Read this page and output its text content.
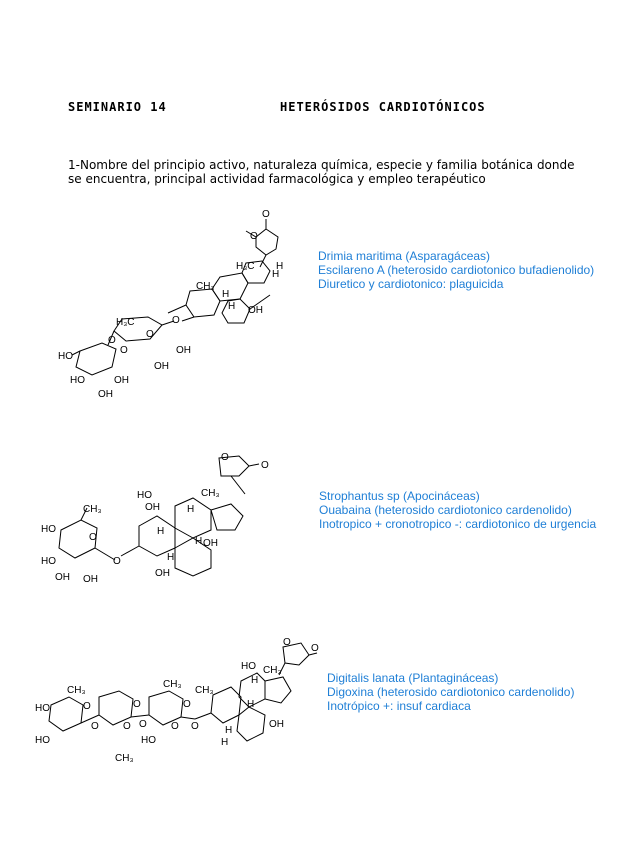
SEMINARIO 14	HETERÓSIDOS CARDIOTÓNICOS
1-Nombre del principio activo, naturaleza química, especie y familia botánica donde
se encuentra, principal actividad farmacológica y empleo terapéutico
Drimia maritima (Asparagáceas)
Escilareno A (heterosido cardiotonico bufadienolido)
Diuretico y cardiotonico: plaguicida
Strophantus sp (Apocináceas)
Ouabaina (heterosido cardiotonico cardenolido)
Inotropico + cronotropico -: cardiotonico de urgencia
Digitalis lanata (Plantagináceas)
Digoxina (heterosido cardiotonico cardenolido)
Inotrópico +: insuf cardiaca
O
O
H
H₃C
H
CH₃
H
H OH
H₃C	O
O
HO
O
O	OH
OH
HO	OH
OH
O
O
HO
OH	H
CH₃
CH₃
H
H
OH
H
OH
HO
O
O
HO
OH OH
O
O
HO
H
CH₃
H
H
OH
HO
HO
O
O
CH₃
O
O
CH₃
HO
O
O
O
O
CH₃
CH₃
H
